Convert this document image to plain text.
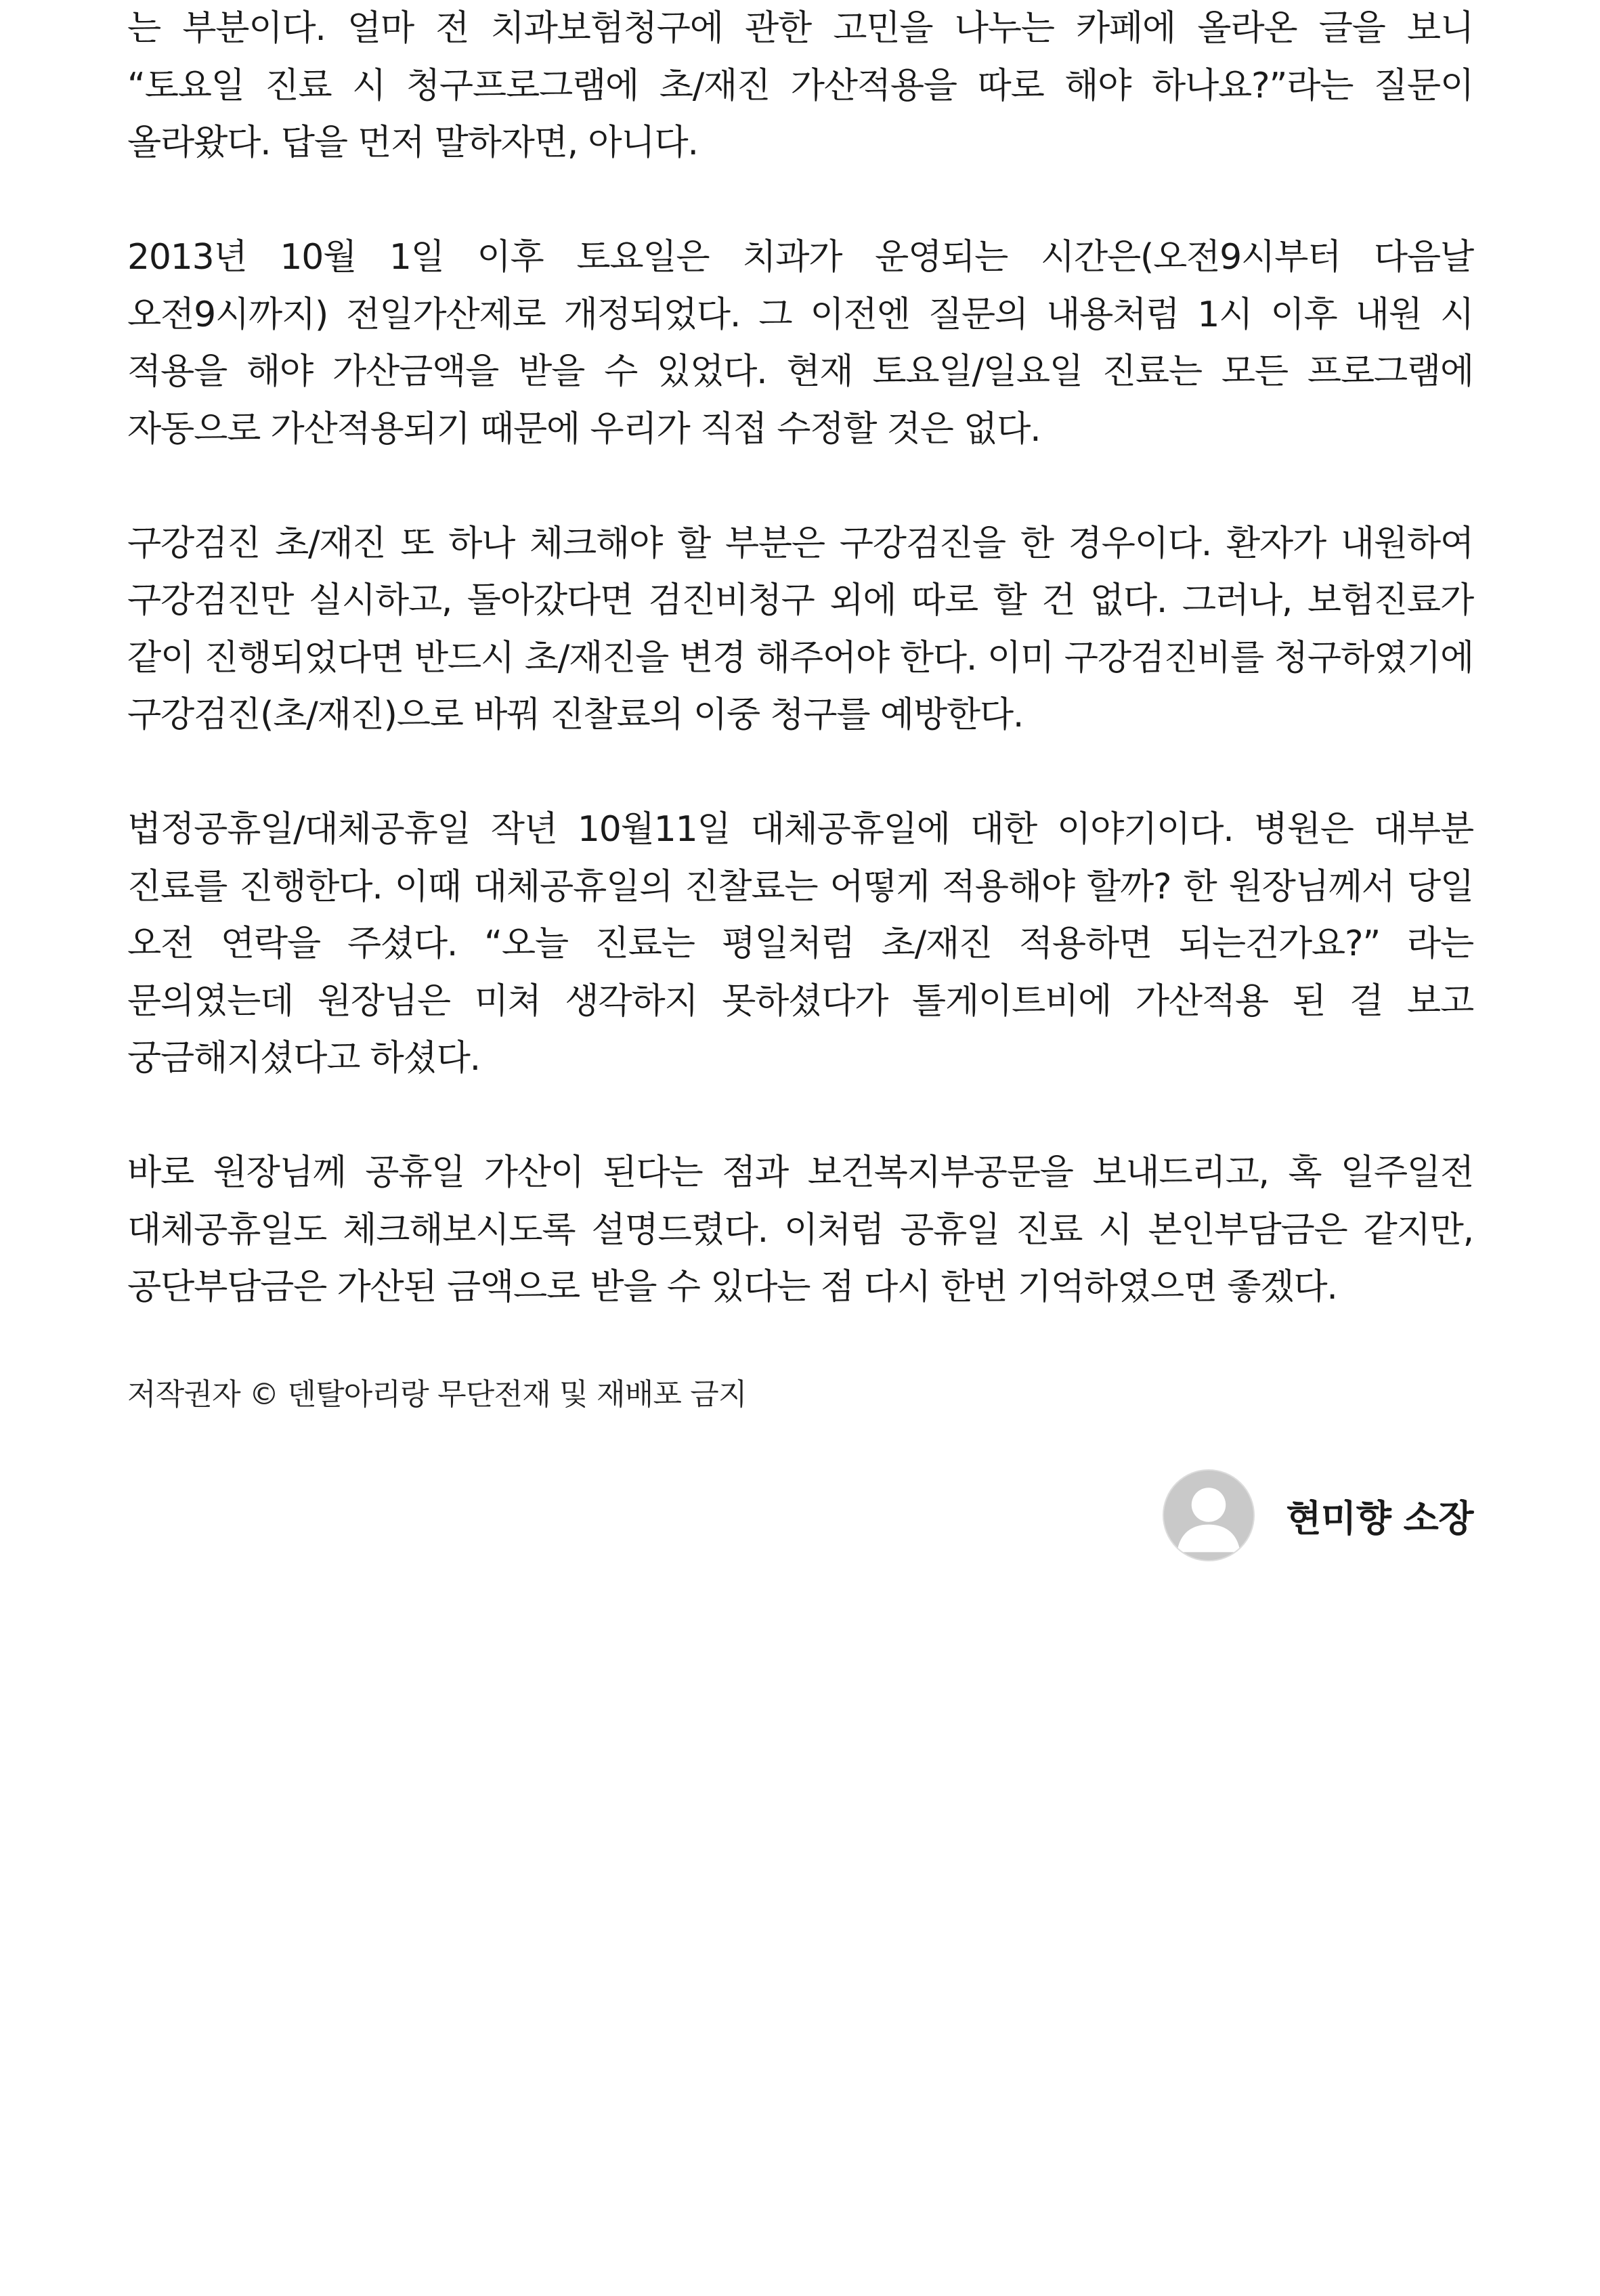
는 부분이다. 얼마 전 치과보험청구에 관한 고민을 나누는 카페에 올라온 글을 보니 “토요일 진료 시 청구프로그램에 초/재진 가산적용을 따로 해야 하나요?”라는 질문이 올라왔다. 답을 먼저 말하자면, 아니다.

2013년 10월 1일 이후 토요일은 치과가 운영되는 시간은(오전9시부터 다음날 오전9시까지) 전일가산제로 개정되었다. 그 이전엔 질문의 내용처럼 1시 이후 내원 시 적용을 해야 가산금액을 받을 수 있었다. 현재 토요일/일요일 진료는 모든 프로그램에 자동으로 가산적용되기 때문에 우리가 직접 수정할 것은 없다.

구강검진 초/재진 또 하나 체크해야 할 부분은 구강검진을 한 경우이다. 환자가 내원하여 구강검진만 실시하고, 돌아갔다면 검진비청구 외에 따로 할 건 없다. 그러나, 보험진료가 같이 진행되었다면 반드시 초/재진을 변경 해주어야 한다. 이미 구강검진비를 청구하였기에 구강검진(초/재진)으로 바꿔 진찰료의 이중 청구를 예방한다.

법정공휴일/대체공휴일 작년 10월11일 대체공휴일에 대한 이야기이다. 병원은 대부분 진료를 진행한다. 이때 대체공휴일의 진찰료는 어떻게 적용해야 할까? 한 원장님께서 당일 오전 연락을 주셨다. “오늘 진료는 평일처럼 초/재진 적용하면 되는건가요?” 라는 문의였는데 원장님은 미쳐 생각하지 못하셨다가 톨게이트비에 가산적용 된 걸 보고 궁금해지셨다고 하셨다.

바로 원장님께 공휴일 가산이 된다는 점과 보건복지부공문을 보내드리고, 혹 일주일전 대체공휴일도 체크해보시도록 설명드렸다. 이처럼 공휴일 진료 시 본인부담금은 같지만, 공단부담금은 가산된 금액으로 받을 수 있다는 점 다시 한번 기억하였으면 좋겠다.

저작권자 © 덴탈아리랑 무단전재 및 재배포 금지
현미향 소장
